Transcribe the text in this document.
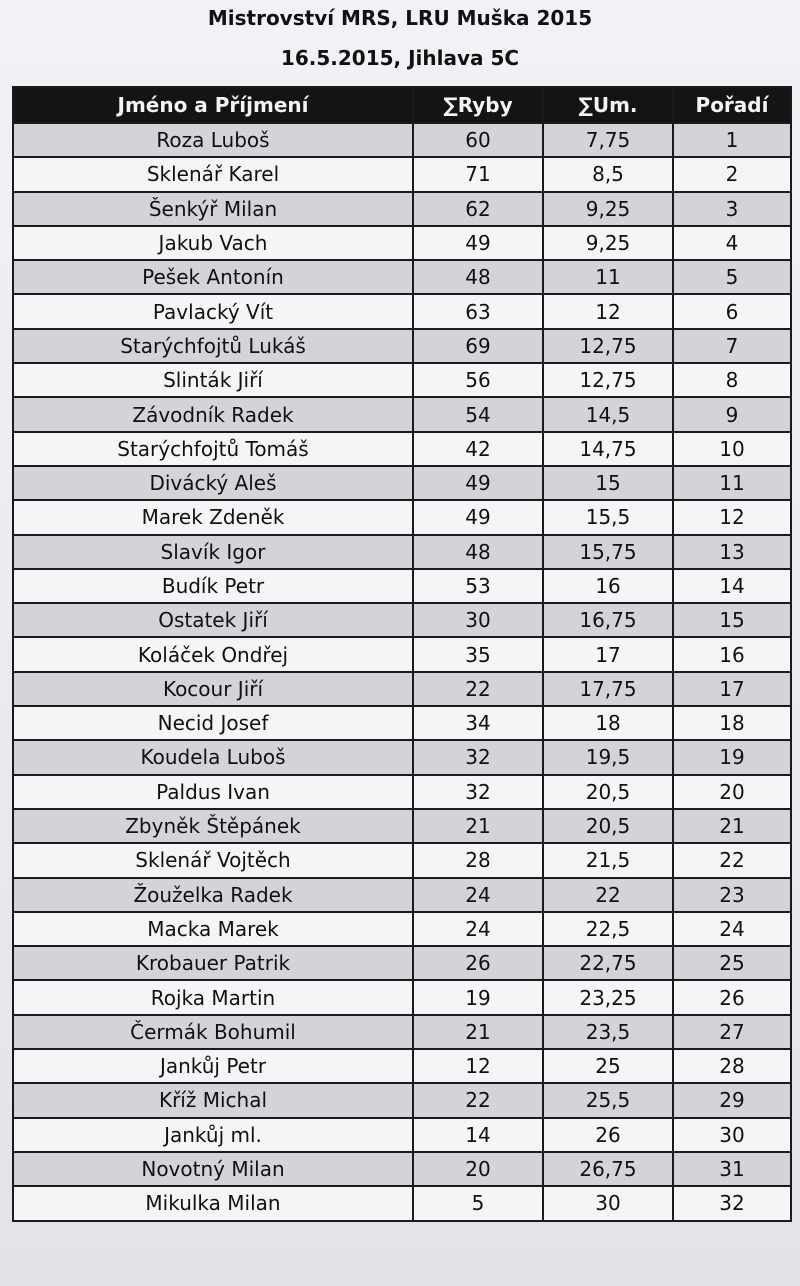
Mistrovství MRS, LRU Muška 2015
16.5.2015, Jihlava 5C
Jméno a Příjmení	∑Ryby	∑Um.	Pořadí
Roza Luboš	60	7,75	1
Sklenář Karel	71	8,5	2
Šenkýř Milan	62	9,25	3
Jakub Vach	49	9,25	4
Pešek Antonín	48	11	5
Pavlacký Vít	63	12	6
Starýchfojtů Lukáš	69	12,75	7
Slinták Jiří	56	12,75	8
Závodník Radek	54	14,5	9
Starýchfojtů Tomáš	42	14,75	10
Divácký Aleš	49	15	11
Marek Zdeněk	49	15,5	12
Slavík Igor	48	15,75	13
Budík Petr	53	16	14
Ostatek Jiří	30	16,75	15
Koláček Ondřej	35	17	16
Kocour Jiří	22	17,75	17
Necid Josef	34	18	18
Koudela Luboš	32	19,5	19
Paldus Ivan	32	20,5	20
Zbyněk Štěpánek	21	20,5	21
Sklenář Vojtěch	28	21,5	22
Žouželka Radek	24	22	23
Macka Marek	24	22,5	24
Krobauer Patrik	26	22,75	25
Rojka Martin	19	23,25	26
Čermák Bohumil	21	23,5	27
Jankůj Petr	12	25	28
Kříž Michal	22	25,5	29
Jankůj ml.	14	26	30
Novotný Milan	20	26,75	31
Mikulka Milan	5	30	32
